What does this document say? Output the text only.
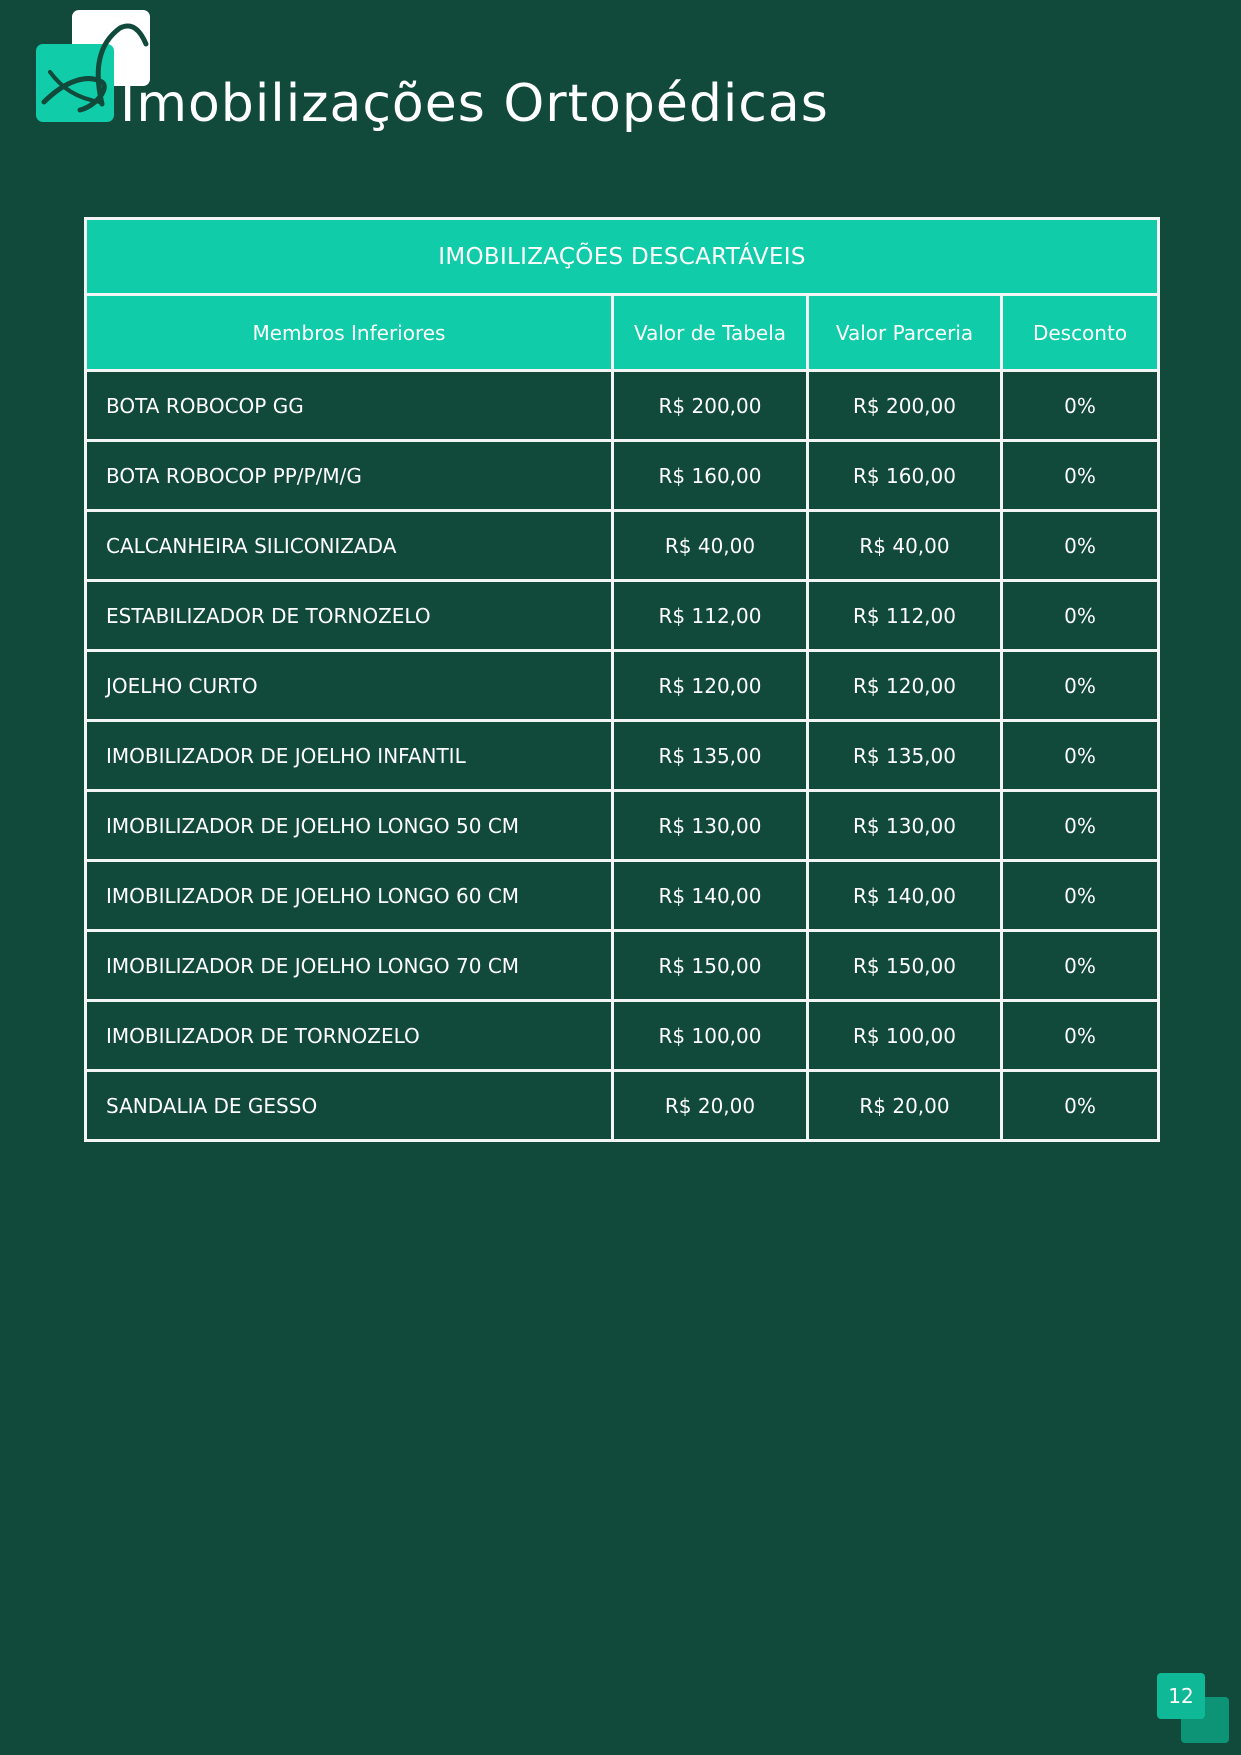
Imobilizações Ortopédicas
IMOBILIZAÇÕES DESCARTÁVEIS			
Membros Inferiores	Valor de Tabela	Valor Parceria	Desconto
BOTA ROBOCOP GG	R$ 200,00	R$ 200,00	0%
BOTA ROBOCOP PP/P/M/G	R$ 160,00	R$ 160,00	0%
CALCANHEIRA SILICONIZADA	R$ 40,00	R$ 40,00	0%
ESTABILIZADOR DE TORNOZELO	R$ 112,00	R$ 112,00	0%
JOELHO CURTO	R$ 120,00	R$ 120,00	0%
IMOBILIZADOR DE JOELHO INFANTIL	R$ 135,00	R$ 135,00	0%
IMOBILIZADOR DE JOELHO LONGO 50 CM	R$ 130,00	R$ 130,00	0%
IMOBILIZADOR DE JOELHO LONGO 60 CM	R$ 140,00	R$ 140,00	0%
IMOBILIZADOR DE JOELHO LONGO 70 CM	R$ 150,00	R$ 150,00	0%
IMOBILIZADOR DE TORNOZELO	R$ 100,00	R$ 100,00	0%
SANDALIA DE GESSO	R$ 20,00	R$ 20,00	0%
12
